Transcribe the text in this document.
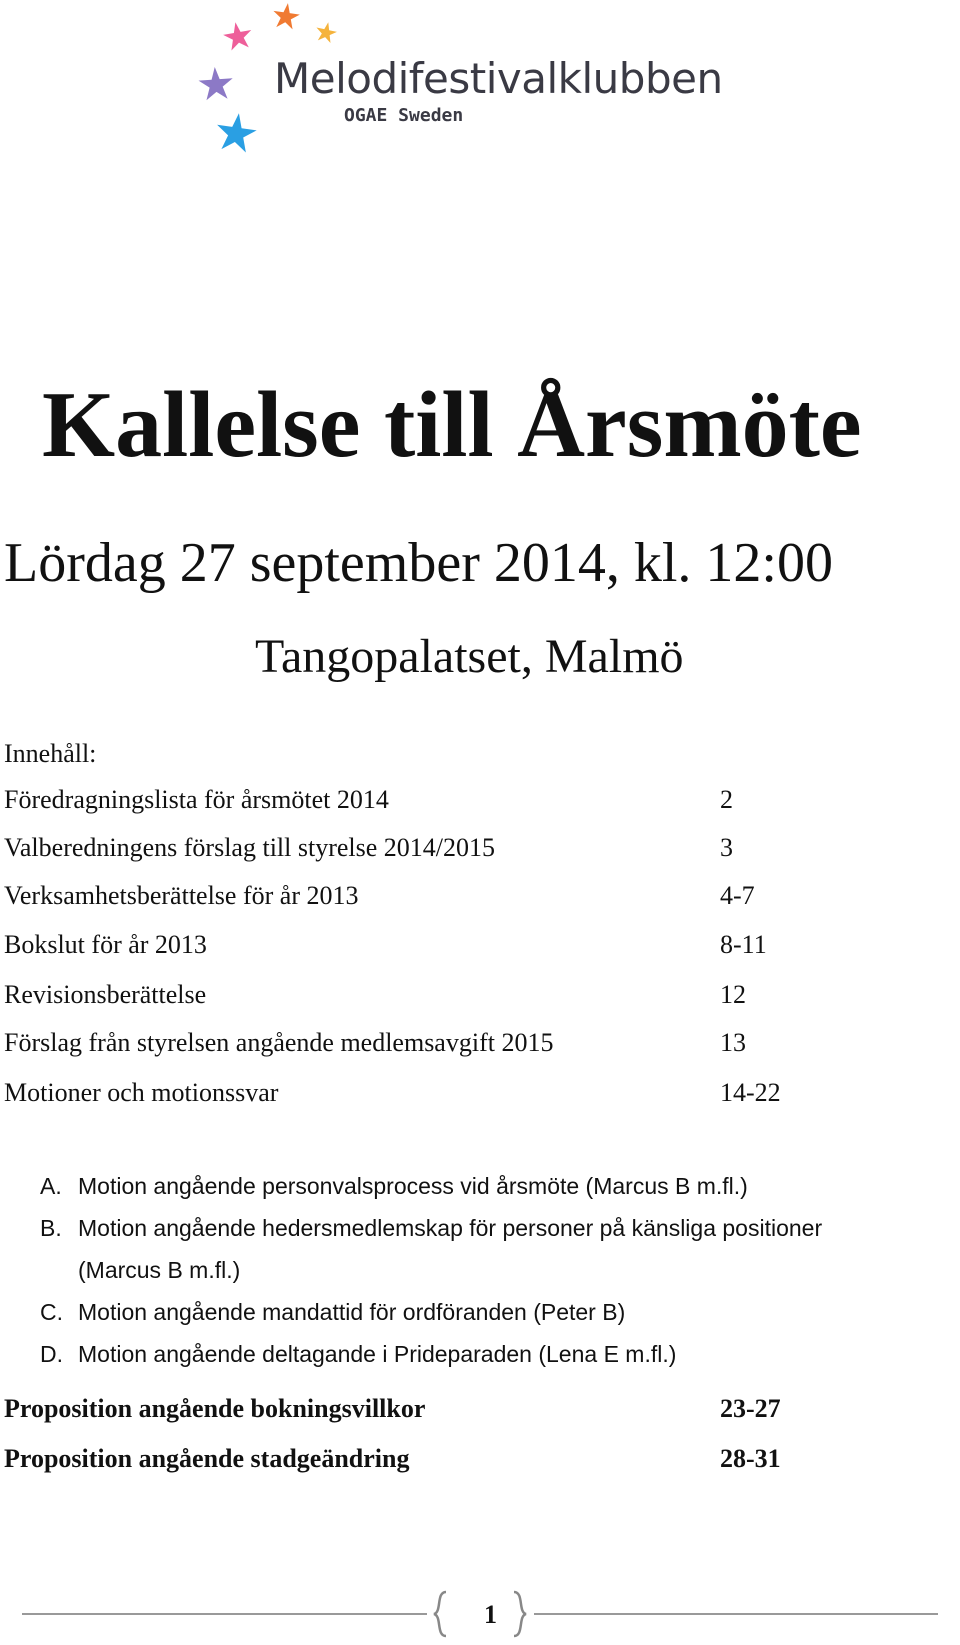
Melodifestivalklubben
OGAE Sweden
Kallelse till Årsmöte
Lördag 27 september 2014, kl. 12:00
Tangopalatset, Malmö
Innehåll:
Föredragningslista för årsmötet 2014	2
Valberedningens förslag till styrelse 2014/2015	3
Verksamhetsberättelse för år 2013	4-7
Bokslut för år 2013	8-11
Revisionsberättelse	12
Förslag från styrelsen angående medlemsavgift 2015	13
Motioner och motionssvar	14-22
A. Motion angående personvalsprocess vid årsmöte (Marcus B m.fl.)
B. Motion angående hedersmedlemskap för personer på känsliga positioner
(Marcus B m.fl.)
C. Motion angående mandattid för ordföranden (Peter B)
D. Motion angående deltagande i Prideparaden (Lena E m.fl.)
Proposition angående bokningsvillkor	23-27
Proposition angående stadgeändring	28-31
1
